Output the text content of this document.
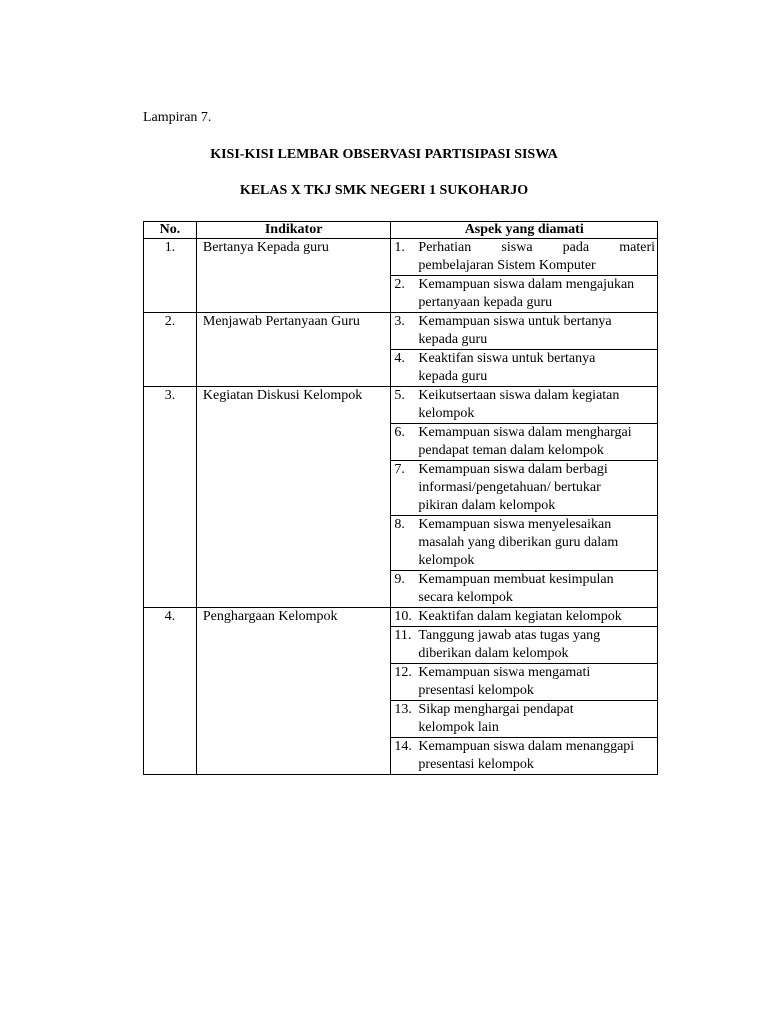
Lampiran 7.
KISI-KISI LEMBAR OBSERVASI PARTISIPASI SISWA
KELAS X TKJ SMK NEGERI 1 SUKOHARJO
No.	Indikator	Aspek yang diamati
1.	Bertanya Kepada guru	1. Perhatian siswa pada materi
pembelajaran Sistem Komputer

		2. Kemampuan siswa dalam mengajukan
pertanyaan kepada guru

2.	Menjawab Pertanyaan Guru	3. Kemampuan siswa untuk bertanya
kepada guru

		4. Keaktifan siswa untuk bertanya
kepada guru

3.	Kegiatan Diskusi Kelompok	5. Keikutsertaan siswa dalam kegiatan
kelompok

		6. Kemampuan siswa dalam menghargai
pendapat teman dalam kelompok

		7. Kemampuan siswa dalam berbagi
informasi/pengetahuan/ bertukar
pikiran dalam kelompok

		8. Kemampuan siswa menyelesaikan
masalah yang diberikan guru dalam
kelompok

		9. Kemampuan membuat kesimpulan
secara kelompok

4.	Penghargaan Kelompok	10. Keaktifan dalam kegiatan kelompok

		11. Tanggung jawab atas tugas yang
diberikan dalam kelompok

		12. Kemampuan siswa mengamati
presentasi kelompok

		13. Sikap menghargai pendapat
kelompok lain

		14. Kemampuan siswa dalam menanggapi
presentasi kelompok
